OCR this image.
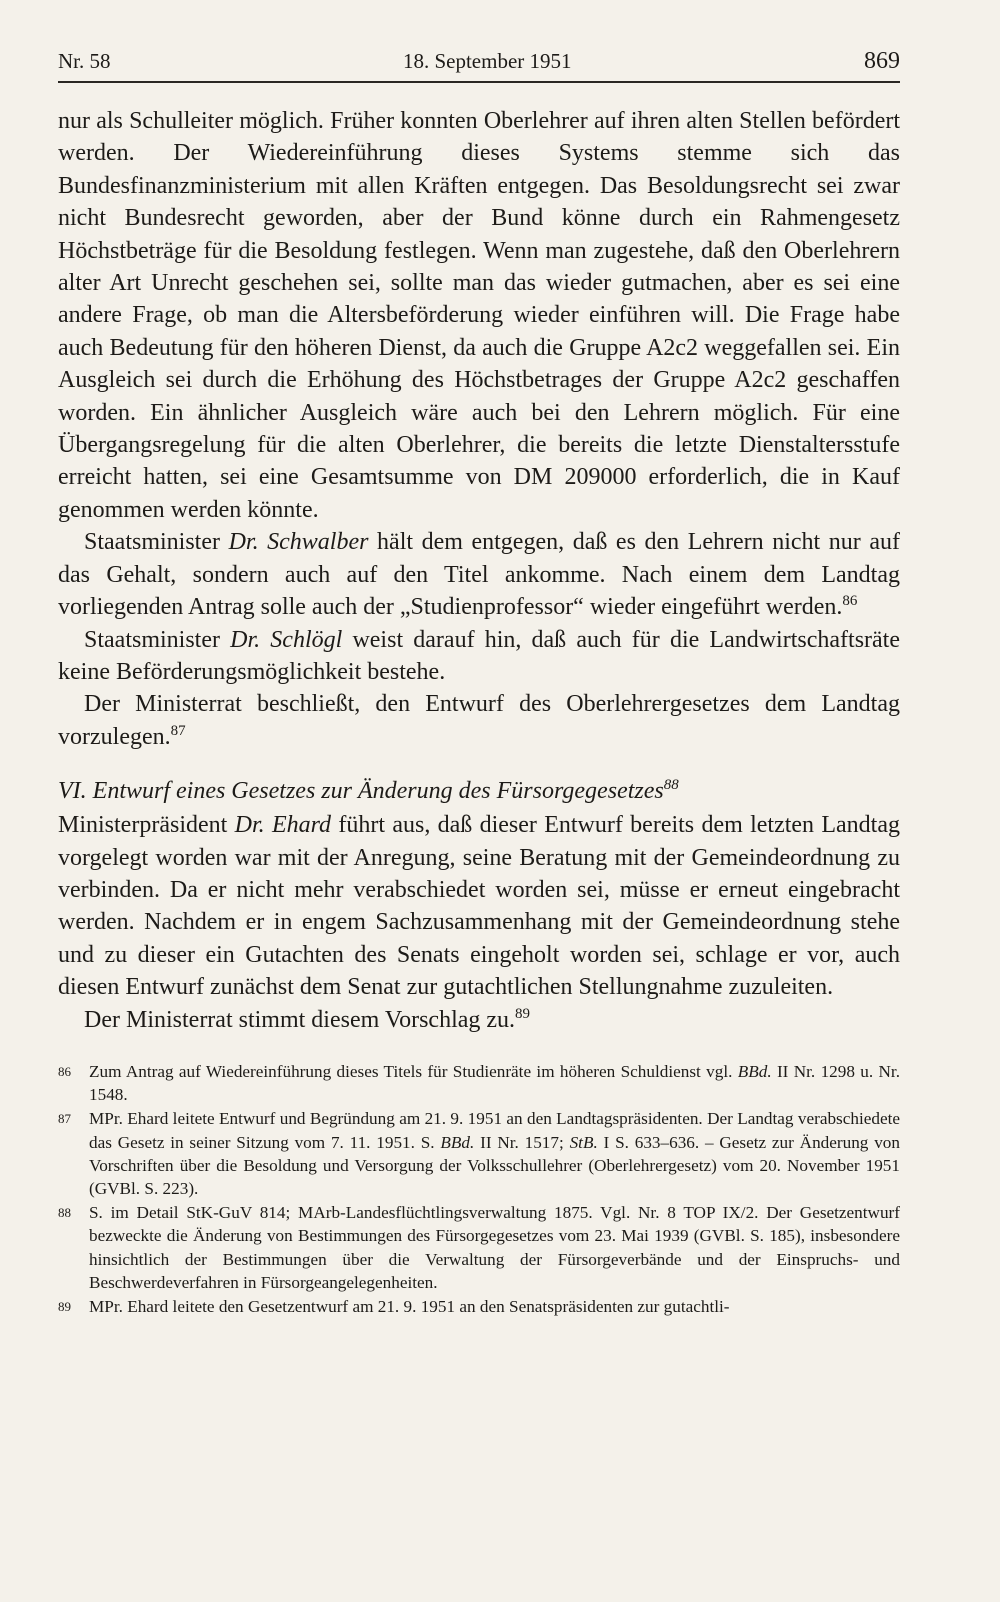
Nr. 58	18. September 1951	869

nur als Schulleiter möglich. Früher konnten Oberlehrer auf ihren alten Stellen befördert werden. Der Wiedereinführung dieses Systems stemme sich das Bundesfinanzministerium mit allen Kräften entgegen. Das Besoldungsrecht sei zwar nicht Bundesrecht geworden, aber der Bund könne durch ein Rahmengesetz Höchstbeträge für die Besoldung festlegen. Wenn man zugestehe, daß den Oberlehrern alter Art Unrecht geschehen sei, sollte man das wieder gutmachen, aber es sei eine andere Frage, ob man die Altersbeförderung wieder einführen will. Die Frage habe auch Bedeutung für den höheren Dienst, da auch die Gruppe A2c2 weggefallen sei. Ein Ausgleich sei durch die Erhöhung des Höchstbetrages der Gruppe A2c2 geschaffen worden. Ein ähnlicher Ausgleich wäre auch bei den Lehrern möglich. Für eine Übergangsregelung für die alten Oberlehrer, die bereits die letzte Dienstaltersstufe erreicht hatten, sei eine Gesamtsumme von DM 209000 erforderlich, die in Kauf genommen werden könnte.

Staatsminister Dr. Schwalber hält dem entgegen, daß es den Lehrern nicht nur auf das Gehalt, sondern auch auf den Titel ankomme. Nach einem dem Landtag vorliegenden Antrag solle auch der „Studienprofessor“ wieder eingeführt werden.$^{86}$

Staatsminister Dr. Schlögl weist darauf hin, daß auch für die Landwirtschaftsräte keine Beförderungsmöglichkeit bestehe.

Der Ministerrat beschließt, den Entwurf des Oberlehrergesetzes dem Landtag vorzulegen.$^{87}$

VI. Entwurf eines Gesetzes zur Änderung des Fürsorgegesetzes$^{88}$

Ministerpräsident Dr. Ehard führt aus, daß dieser Entwurf bereits dem letzten Landtag vorgelegt worden war mit der Anregung, seine Beratung mit der Gemeindeordnung zu verbinden. Da er nicht mehr verabschiedet worden sei, müsse er erneut eingebracht werden. Nachdem er in engem Sachzusammenhang mit der Gemeindeordnung stehe und zu dieser ein Gutachten des Senats eingeholt worden sei, schlage er vor, auch diesen Entwurf zunächst dem Senat zur gutachtlichen Stellungnahme zuzuleiten.

Der Ministerrat stimmt diesem Vorschlag zu.$^{89}$

86	Zum Antrag auf Wiedereinführung dieses Titels für Studienräte im höheren Schuldienst vgl. BBd. II Nr. 1298 u. Nr. 1548.
87	MPr. Ehard leitete Entwurf und Begründung am 21. 9. 1951 an den Landtagspräsidenten. Der Landtag verabschiedete das Gesetz in seiner Sitzung vom 7. 11. 1951. S. BBd. II Nr. 1517; StB. I S. 633–636. – Gesetz zur Änderung von Vorschriften über die Besoldung und Versorgung der Volksschullehrer (Oberlehrergesetz) vom 20. November 1951 (GVBl. S. 223).
88	S. im Detail StK-GuV 814; MArb-Landesflüchtlingsverwaltung 1875. Vgl. Nr. 8 TOP IX/2. Der Gesetzentwurf bezweckte die Änderung von Bestimmungen des Fürsorgegesetzes vom 23. Mai 1939 (GVBl. S. 185), insbesondere hinsichtlich der Bestimmungen über die Verwaltung der Fürsorgeverbände und der Einspruchs- und Beschwerdeverfahren in Fürsorgeangelegenheiten.
89	MPr. Ehard leitete den Gesetzentwurf am 21. 9. 1951 an den Senatspräsidenten zur gutachtli-
